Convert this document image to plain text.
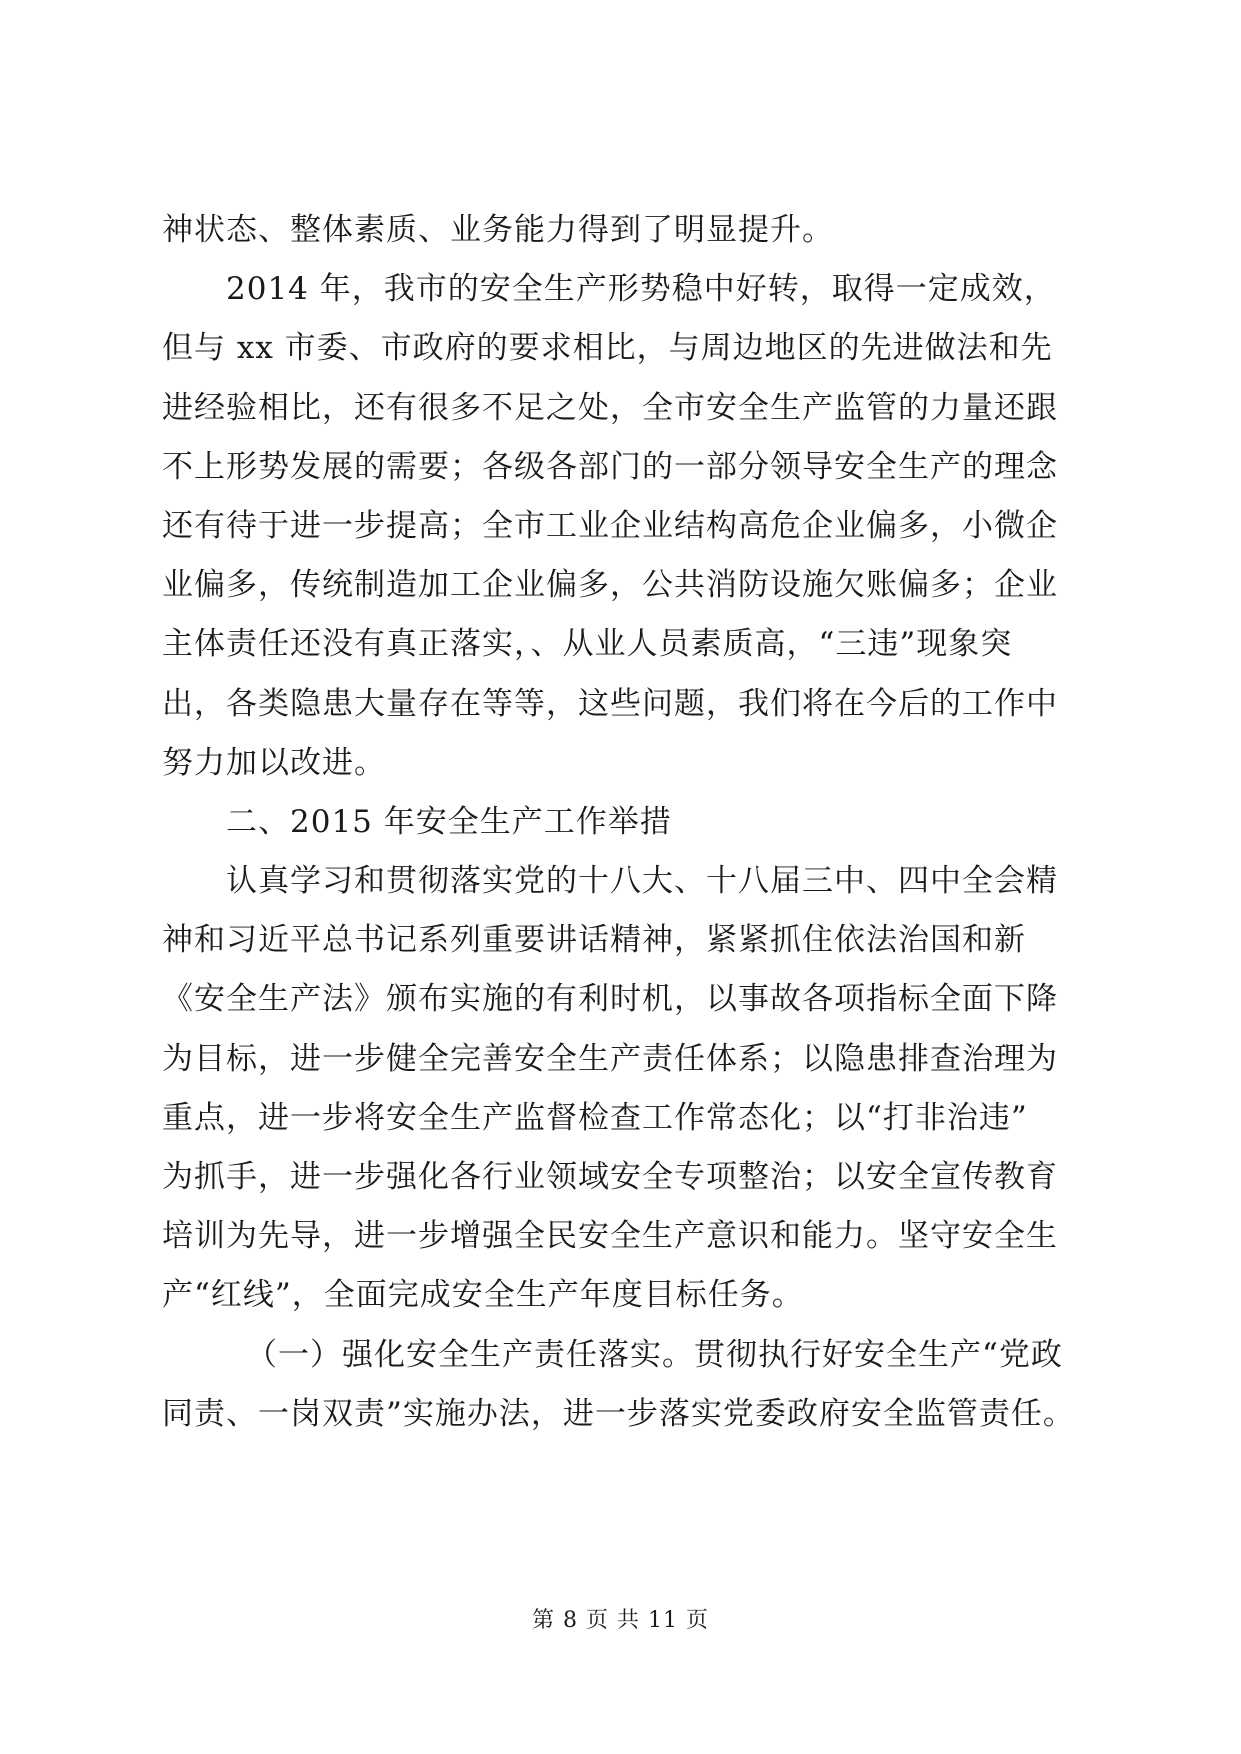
神状态、整体素质、业务能力得到了明显提升。
2014 年，我市的安全生产形势稳中好转，取得一定成效，
但与 xx 市委、市政府的要求相比，与周边地区的先进做法和先
进经验相比，还有很多不足之处，全市安全生产监管的力量还跟
不上形势发展的需要；各级各部门的一部分领导安全生产的理念
还有待于进一步提高；全市工业企业结构高危企业偏多，小微企
业偏多，传统制造加工企业偏多，公共消防设施欠账偏多；企业
主体责任还没有真正落实，、从业人员素质高，“三违”现象突
出，各类隐患大量存在等等，这些问题，我们将在今后的工作中
努力加以改进。
二、2015 年安全生产工作举措
认真学习和贯彻落实党的十八大、十八届三中、四中全会精
神和习近平总书记系列重要讲话精神，紧紧抓住依法治国和新
《安全生产法》颁布实施的有利时机，以事故各项指标全面下降
为目标，进一步健全完善安全生产责任体系；以隐患排查治理为
重点，进一步将安全生产监督检查工作常态化；以“打非治违”
为抓手，进一步强化各行业领域安全专项整治；以安全宣传教育
培训为先导，进一步增强全民安全生产意识和能力。坚守安全生
产“红线”，全面完成安全生产年度目标任务。
（一）强化安全生产责任落实。贯彻执行好安全生产“党政
同责、一岗双责”实施办法，进一步落实党委政府安全监管责任。
第 8 页 共 11 页
